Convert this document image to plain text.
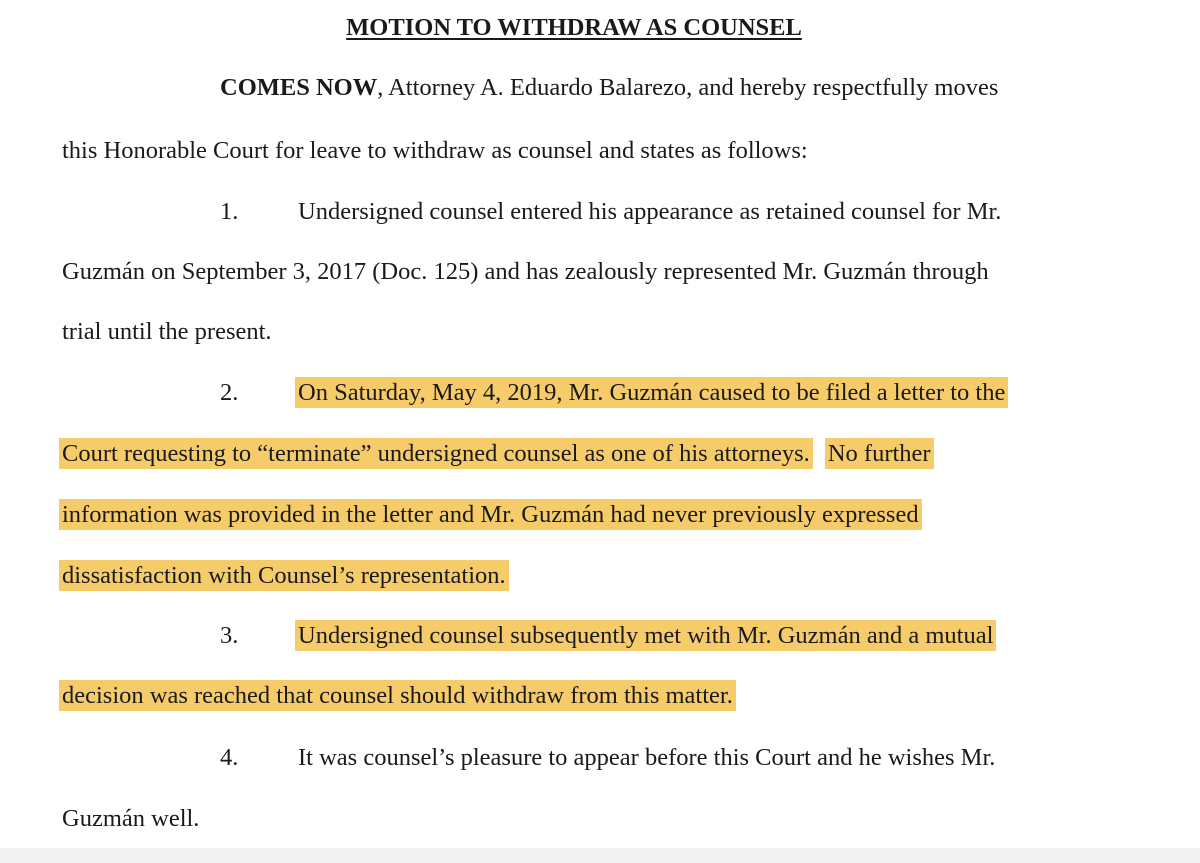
MOTION TO WITHDRAW AS COUNSEL
COMES NOW, Attorney A. Eduardo Balarezo, and hereby respectfully moves
this Honorable Court for leave to withdraw as counsel and states as follows:
1. Undersigned counsel entered his appearance as retained counsel for Mr.
Guzmán on September 3, 2017 (Doc. 125) and has zealously represented Mr. Guzmán through
trial until the present.
2. On Saturday, May 4, 2019, Mr. Guzmán caused to be filed a letter to the
Court requesting to “terminate” undersigned counsel as one of his attorneys. No further
information was provided in the letter and Mr. Guzmán had never previously expressed
dissatisfaction with Counsel’s representation.
3. Undersigned counsel subsequently met with Mr. Guzmán and a mutual
decision was reached that counsel should withdraw from this matter.
4. It was counsel’s pleasure to appear before this Court and he wishes Mr.
Guzmán well.
